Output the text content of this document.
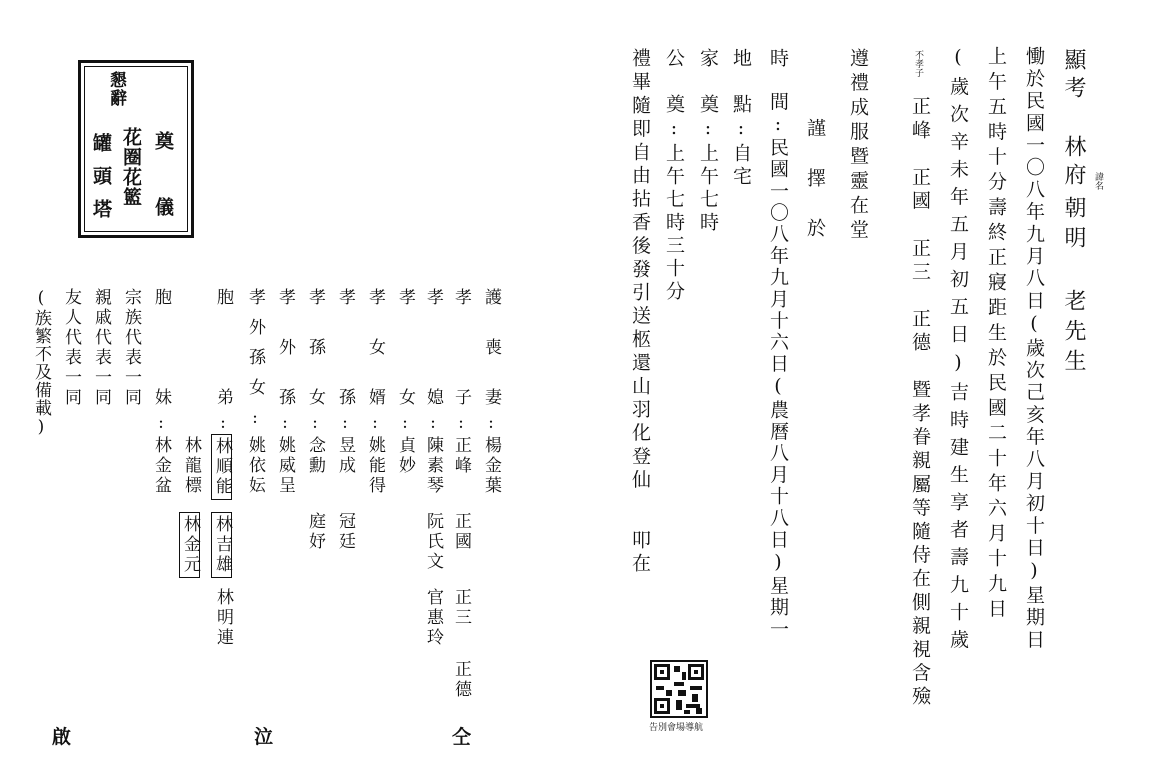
顯考 林府 諱名
朝明 老先生
慟於民國一〇八年九月八日(歲次己亥年八月初十日)星期日
上午五時十分壽終正寢距生於民國二十年六月十九日
(歲次辛未年五月初五日)吉時建生享者壽九十歲
不孝子
正峰　正國　正三　正德　暨孝眷親屬等隨侍在側親視含殮
遵禮成服暨靈在堂
謹　擇　於
時　間:民國一〇八年九月十六日(農曆八月十八日)星期一
地　點:自宅
家　奠:上午七時
公　奠:上午七時三十分
禮畢隨即自由拈香後發引送柩還山羽化登仙
叩在
告別會場導航
奠　儀
花圈花籃
罐頭塔
懇辭
護　喪　妻:
楊金葉
孝　　　子:
正峰
正國
正三
正德
孝　　　媳:
陳素琴
阮氏文
官惠玲
孝　　　女:
貞妙
孝　女　婿:
姚能得
孝　　　孫:
昱成
冠廷
孝　孫　女:
念勳
庭妤
孝　外　孫:
姚威呈
孝外孫女:
姚依妘
胞　　　弟:
林順能
林吉雄
林明連
林龍標
林金元
胞　　　妹:
林金盆
宗族代表一同
親戚代表一同
友人代表一同
(族繁不及備載)
啟	泣	仝
